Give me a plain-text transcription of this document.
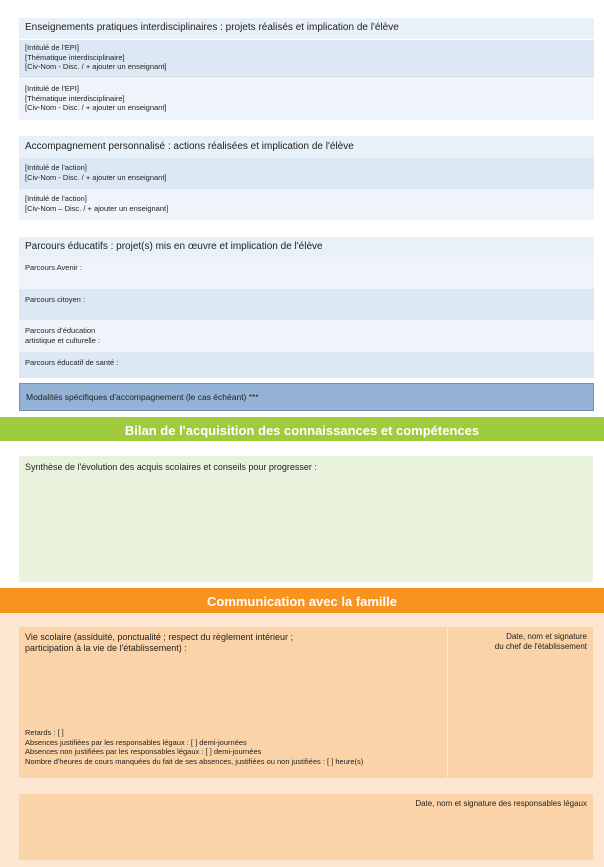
Enseignements pratiques interdisciplinaires : projets réalisés et implication de l'élève
[Intitulé de l'EPI]
[Thématique interdisciplinaire]
[Civ-Nom - Disc. / + ajouter un enseignant]
[Intitulé de l'EPI]
[Thématique interdisciplinaire]
[Civ-Nom - Disc. / + ajouter un enseignant]
Accompagnement personnalisé : actions réalisées et implication de l'élève
[Intitulé de l'action]
[Civ-Nom - Disc. / + ajouter un enseignant]
[Intitulé de l'action]
[Civ-Nom – Disc. / + ajouter un enseignant]
Parcours éducatifs : projet(s) mis en œuvre et implication de l'élève
Parcours Avenir :
Parcours citoyen :
Parcours d'éducation
artistique et culturelle :
Parcours éducatif de santé :
Modalités spécifiques d'accompagnement (le cas échéant) ***
Bilan de l'acquisition des connaissances et compétences
Synthèse de l'évolution des acquis scolaires et conseils pour progresser :
Communication avec la famille
Vie scolaire (assiduité, ponctualité ; respect du règlement intérieur ;
participation à la vie de l'établissement) :
Retards : [ ]
Absences justifiées par les responsables légaux : [ ] demi-journées
Absences non justifiées par les responsables légaux : [ ] demi-journées
Nombre d'heures de cours manquées du fait de ses absences, justifiées ou non justifiées : [ ] heure(s)
Date, nom et signature
du chef de l'établissement
Date, nom et signature des responsables légaux
